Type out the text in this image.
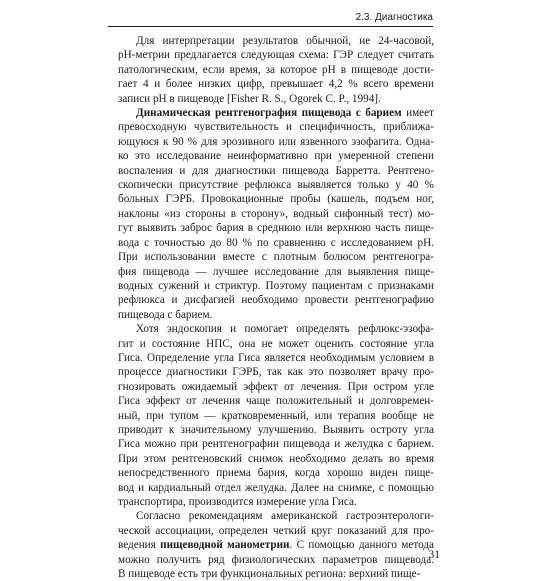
2.3. Диагностика
Для интерпретации результатов обычной, не 24-часовой,
pH-метрии предлагается следующая схема: ГЭР следует считать
патологическим, если время, за которое pH в пищеводе дости-
гает 4 и более низких цифр, превышает 4,2 % всего времени
записи pH в пищеводе [Fisher R. S., Ogorek C. P., 1994].
Динамическая рентгенография пищевода с барием имеет
превосходную чувствительность и специфичность, приближа-
ющуюся к 90 % для эрозивного или язвенного эзофагита. Одна-
ко это исследование неинформативно при умеренной степени
воспаления и для диагностики пищевода Барретта. Рентгено-
скопически присутствие рефлюкса выявляется только у 40 %
больных ГЭРБ. Провокационные пробы (кашель, подъем ног,
наклоны «из стороны в сторону», водный сифонный тест) мо-
гут выявить заброс бария в среднюю или верхнюю часть пище-
вода с точностью до 80 % по сравнению с исследованием pH.
При использовании вместе с плотным болюсом рентгеногра-
фия пищевода — лучшее исследование для выявления пище-
водных сужений и стриктур. Поэтому пациентам с признаками
рефлюкса и дисфагией необходимо провести рентгенографию
пищевода с барием.
Хотя эндоскопия и помогает определять рефлюкс-эзофа-
гит и состояние НПС, она не может оценить состояние угла
Гиса. Определение угла Гиса является необходимым условием в
процессе диагностики ГЭРБ, так как это позволяет врачу про-
гнозировать ожидаемый эффект от лечения. При остром угле
Гиса эффект от лечения чаще положительный и долговремен-
ный, при тупом — кратковременный, или терапия вообще не
приводит к значительному улучшению. Выявить остроту угла
Гиса можно при рентгенографии пищевода и желудка с барием.
При этом рентгеновский снимок необходимо делать во время
непосредственного приема бария, когда хорошо виден пище-
вод и кардиальный отдел желудка. Далее на снимке, с помощью
транспортира, производится измерение угла Гиса.
Согласно рекомендациям американской гастроэнтерологи-
ческой ассоциации, определен четкий круг показаний для про-
ведения пищеводной манометрии. С помощью данного метода
можно получить ряд физиологических параметров пищевода.
В пищеводе есть три функциональных региона: верхний пище-
31
